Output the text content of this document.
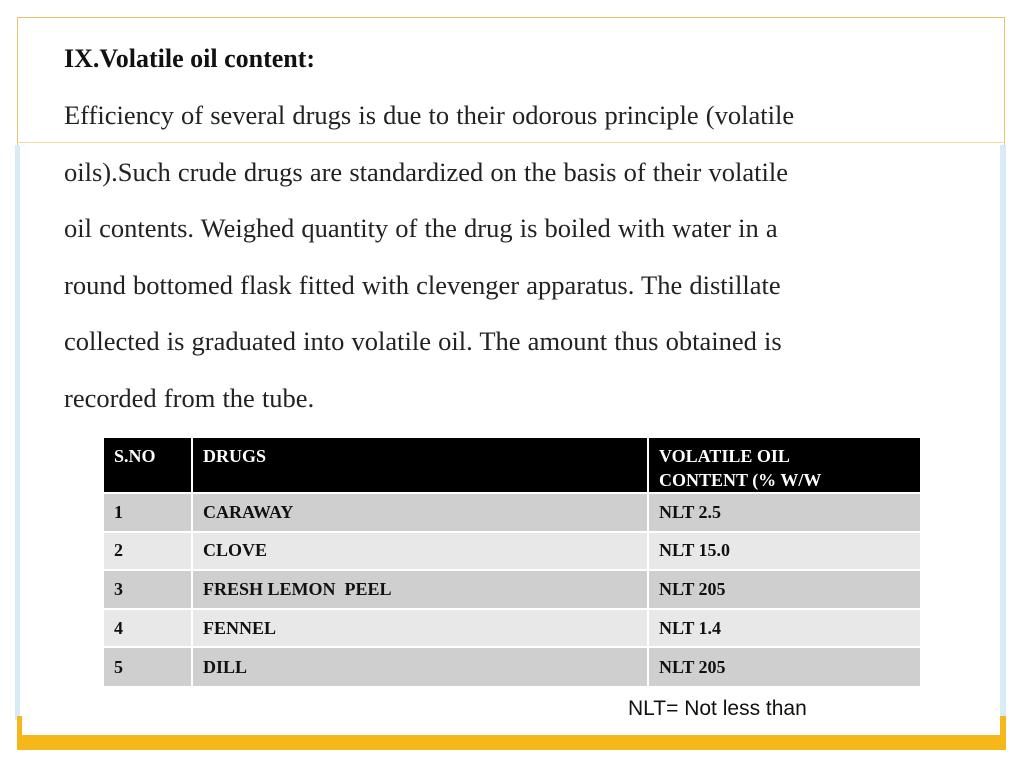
IX.Volatile oil content:
Efficiency of several drugs is due to their odorous principle (volatile
oils).Such crude drugs are standardized on the basis of their volatile
oil contents. Weighed quantity of the drug is boiled with water in a
round bottomed flask fitted with clevenger apparatus. The distillate
collected is graduated into volatile oil. The amount thus obtained is
recorded from the tube.
S.NO	DRUGS	VOLATILE OIL
CONTENT (% W/W

1	CARAWAY	NLT 2.5
2	CLOVE	NLT 15.0
3	FRESH LEMON  PEEL	NLT 205
4	FENNEL	NLT 1.4
5	DILL	NLT 205
NLT= Not less than
